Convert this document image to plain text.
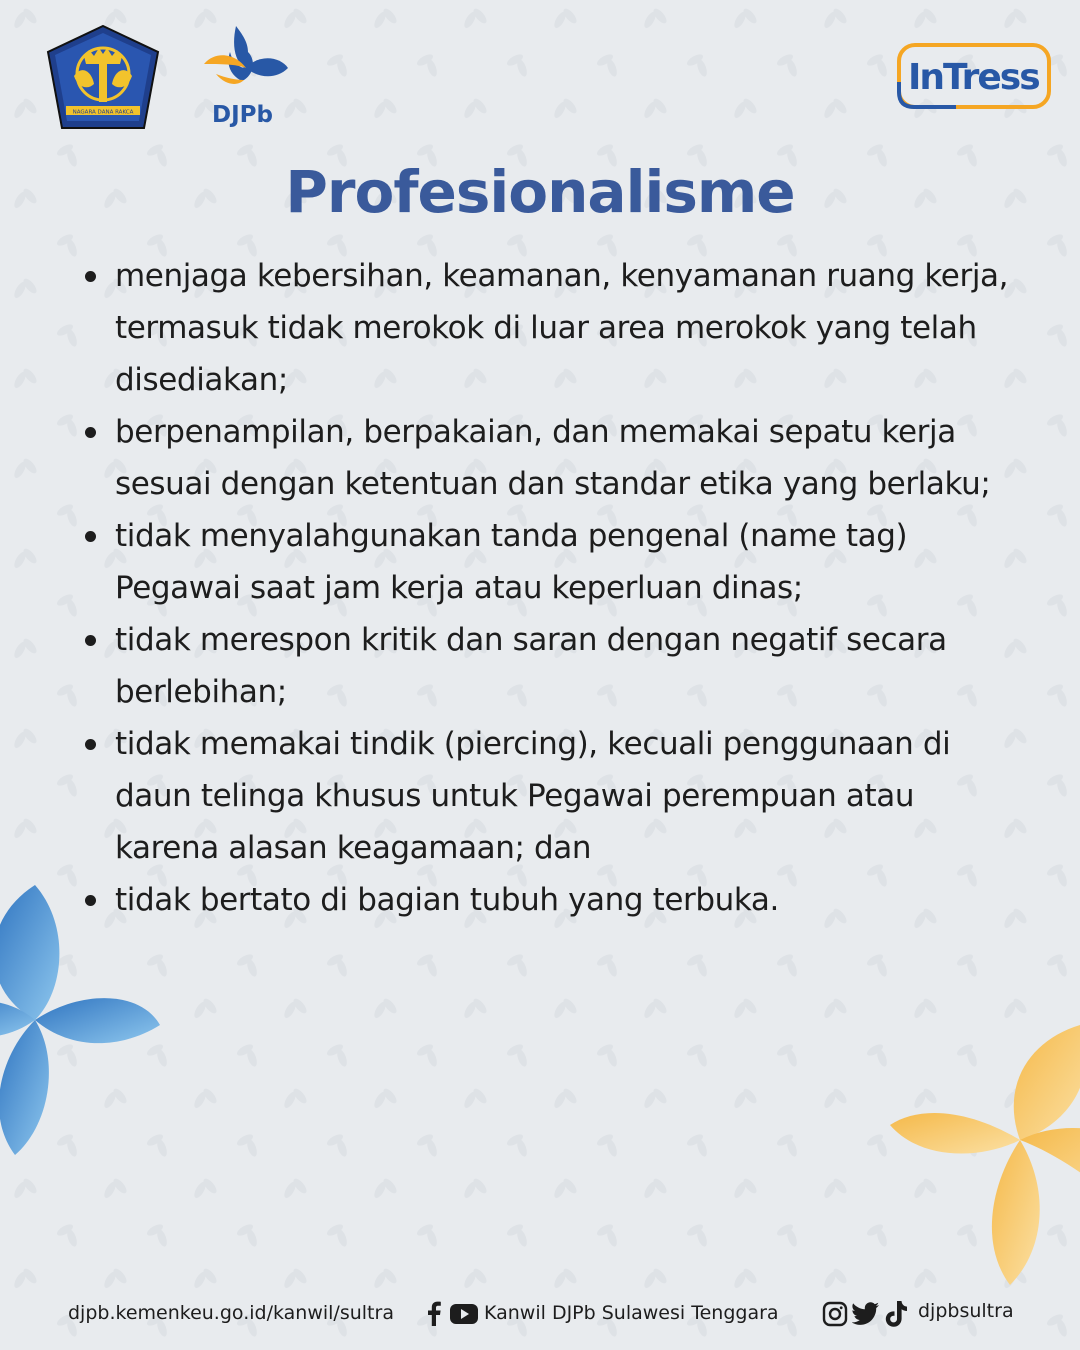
NAGARA DANA RAKCA	DJPb
InTress
Profesionalisme
menjaga kebersihan, keamanan, kenyamanan ruang kerja, termasuk tidak merokok di luar area merokok yang telah disediakan;
berpenampilan, berpakaian, dan memakai sepatu kerja sesuai dengan ketentuan dan standar etika yang berlaku;
tidak menyalahgunakan tanda pengenal (name tag) Pegawai saat jam kerja atau keperluan dinas;
tidak merespon kritik dan saran dengan negatif secara berlebihan;
tidak memakai tindik (piercing), kecuali penggunaan di daun telinga khusus untuk Pegawai perempuan atau karena alasan keagamaan; dan
tidak bertato di bagian tubuh yang terbuka.
djpb.kemenkeu.go.id/kanwil/sultra	Kanwil DJPb Sulawesi Tenggara	djpbsultra
